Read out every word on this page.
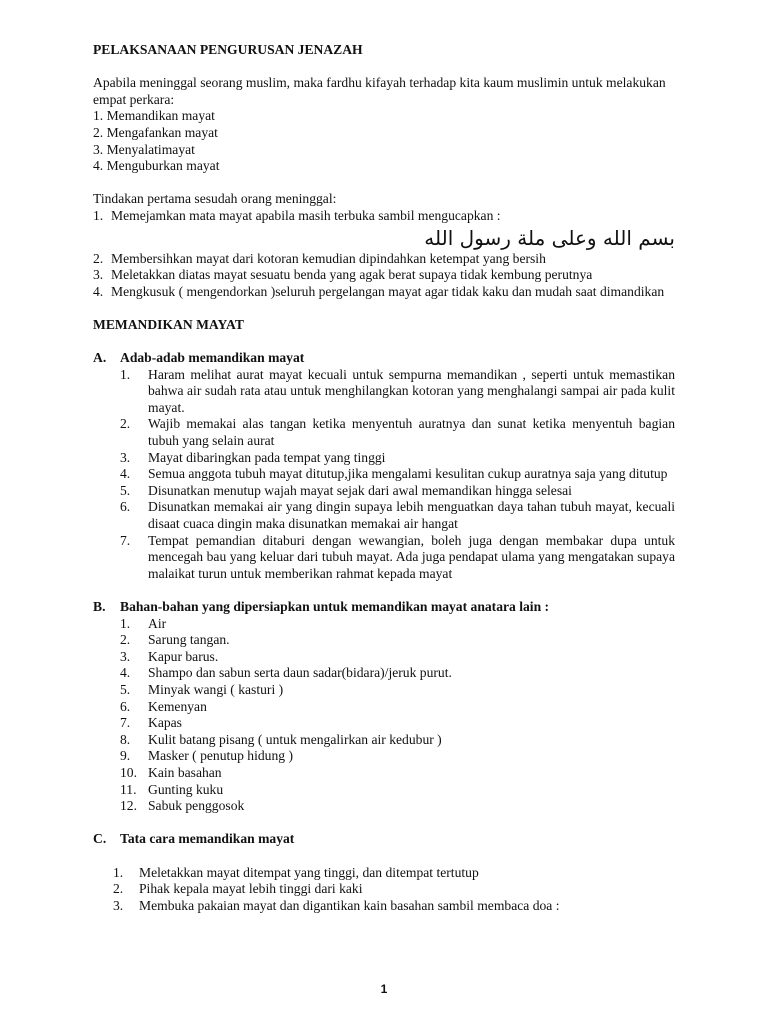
PELAKSANAAN PENGURUSAN JENAZAH

Apabila meninggal seorang muslim, maka fardhu kifayah terhadap kita kaum muslimin untuk melakukan empat perkara:

1. Memandikan mayat

2. Mengafankan mayat

3. Menyalatimayat

4. Menguburkan mayat

Tindakan pertama sesudah orang meninggal:

1. Memejamkan mata mayat apabila masih terbuka sambil mengucapkan :

بسم الله وعلى ملة رسول الله

2. Membersihkan mayat dari kotoran kemudian dipindahkan ketempat yang bersih
3. Meletakkan diatas mayat sesuatu benda yang agak berat supaya tidak kembung perutnya
4. Mengkusuk ( mengendorkan )seluruh pergelangan mayat agar tidak kaku dan mudah saat dimandikan

MEMANDIKAN MAYAT

A.	Adab-adab memandikan mayat
1.	Haram melihat aurat mayat kecuali untuk sempurna memandikan , seperti untuk memastikan bahwa air sudah rata atau untuk menghilangkan kotoran yang menghalangi sampai air pada kulit mayat.
2.	Wajib memakai alas tangan ketika menyentuh auratnya dan sunat ketika menyentuh bagian tubuh yang selain aurat
3.	Mayat dibaringkan pada tempat yang tinggi
4.	Semua anggota tubuh mayat ditutup,jika mengalami kesulitan cukup auratnya saja yang ditutup
5.	Disunatkan menutup wajah mayat sejak dari awal memandikan hingga selesai
6.	Disunatkan memakai air yang dingin supaya lebih menguatkan daya tahan tubuh mayat, kecuali disaat cuaca dingin maka disunatkan memakai air hangat
7.	Tempat pemandian ditaburi dengan wewangian, boleh juga dengan membakar dupa untuk mencegah bau yang keluar dari tubuh mayat. Ada juga pendapat ulama yang mengatakan supaya malaikat turun untuk memberikan rahmat kepada mayat
B.	Bahan-bahan yang dipersiapkan untuk memandikan mayat anatara lain :
1.	Air
2.	Sarung tangan.
3.	Kapur barus.
4.	Shampo dan sabun serta daun sadar(bidara)/jeruk purut.
5.	Minyak wangi ( kasturi )
6.	Kemenyan
7.	Kapas
8.	Kulit batang pisang ( untuk mengalirkan air kedubur )
9.	Masker ( penutup hidung )
10. Kain basahan
11. Gunting kuku
12. Sabuk penggosok
C.	Tata cara memandikan mayat
1.	Meletakkan mayat ditempat yang tinggi, dan ditempat tertutup
2.	Pihak kepala mayat lebih tinggi dari kaki
3.	Membuka pakaian mayat dan digantikan kain basahan sambil membaca doa :
1
